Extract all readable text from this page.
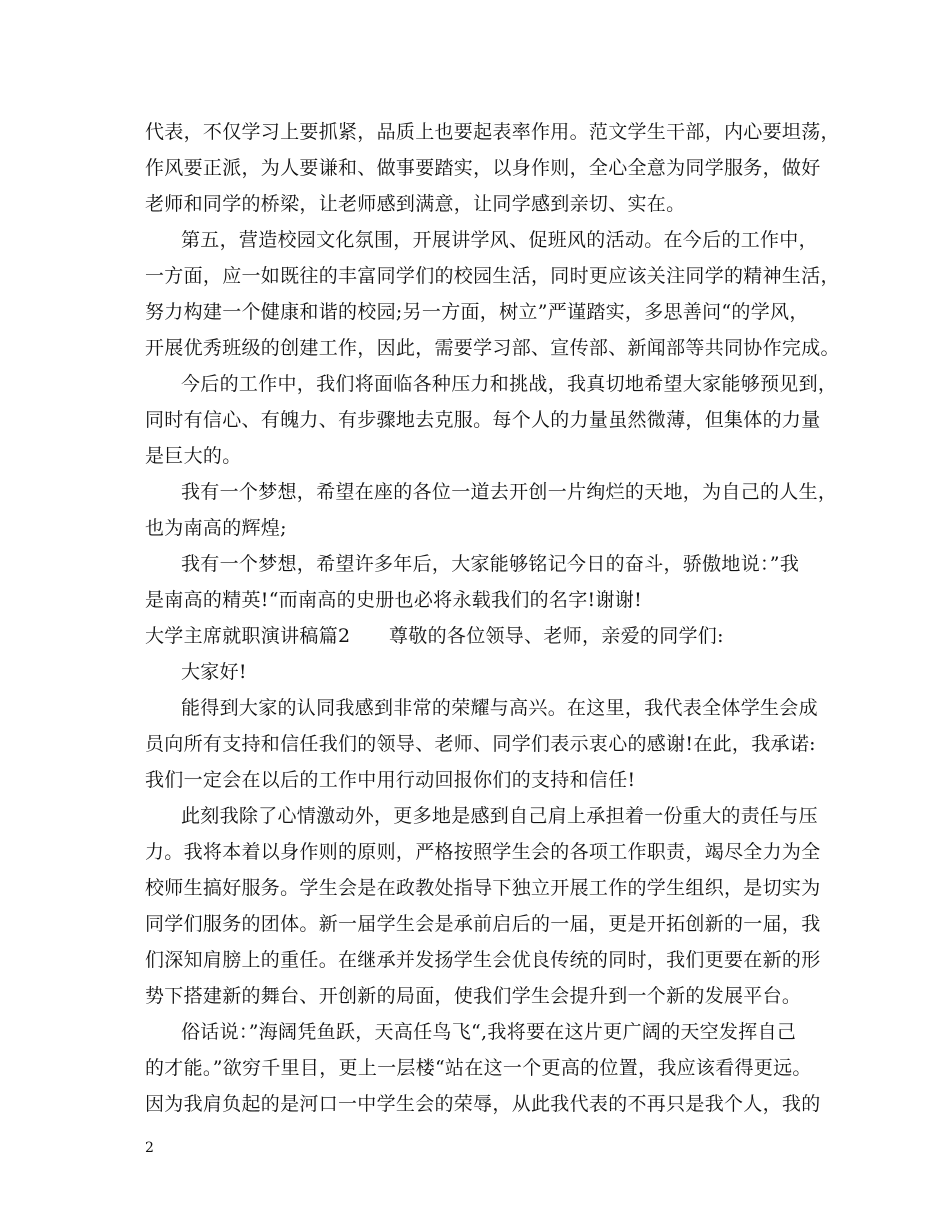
代表，不仅学习上要抓紧，品质上也要起表率作用。范文学生干部，内心要坦荡，
作风要正派，为人要谦和、做事要踏实，以身作则，全心全意为同学服务，做好
老师和同学的桥梁，让老师感到满意，让同学感到亲切、实在。
第五，营造校园文化氛围，开展讲学风、促班风的活动。在今后的工作中，
一方面，应一如既往的丰富同学们的校园生活，同时更应该关注同学的精神生活，
努力构建一个健康和谐的校园;另一方面，树立”严谨踏实，多思善问“的学风，
开展优秀班级的创建工作，因此，需要学习部、宣传部、新闻部等共同协作完成。
今后的工作中，我们将面临各种压力和挑战，我真切地希望大家能够预见到，
同时有信心、有魄力、有步骤地去克服。每个人的力量虽然微薄，但集体的力量
是巨大的。
我有一个梦想，希望在座的各位一道去开创一片绚烂的天地，为自己的人生，
也为南高的辉煌;
我有一个梦想，希望许多年后，大家能够铭记今日的奋斗，骄傲地说：”我
是南高的精英!“而南高的史册也必将永载我们的名字!谢谢!
大学主席就职演讲稿篇2　　尊敬的各位领导、老师，亲爱的同学们:
大家好!
能得到大家的认同我感到非常的荣耀与高兴。在这里，我代表全体学生会成
员向所有支持和信任我们的领导、老师、同学们表示衷心的感谢!在此，我承诺:
我们一定会在以后的工作中用行动回报你们的支持和信任!
此刻我除了心情激动外，更多地是感到自己肩上承担着一份重大的责任与压
力。我将本着以身作则的原则，严格按照学生会的各项工作职责，竭尽全力为全
校师生搞好服务。学生会是在政教处指导下独立开展工作的学生组织，是切实为
同学们服务的团体。新一届学生会是承前启后的一届，更是开拓创新的一届，我
们深知肩膀上的重任。在继承并发扬学生会优良传统的同时，我们更要在新的形
势下搭建新的舞台、开创新的局面，使我们学生会提升到一个新的发展平台。
俗话说：”海阔凭鱼跃，天高任鸟飞“,我将要在这片更广阔的天空发挥自己
的才能。”欲穷千里目，更上一层楼“站在这一个更高的位置，我应该看得更远。
因为我肩负起的是河口一中学生会的荣辱，从此我代表的不再只是我个人，我的
2
